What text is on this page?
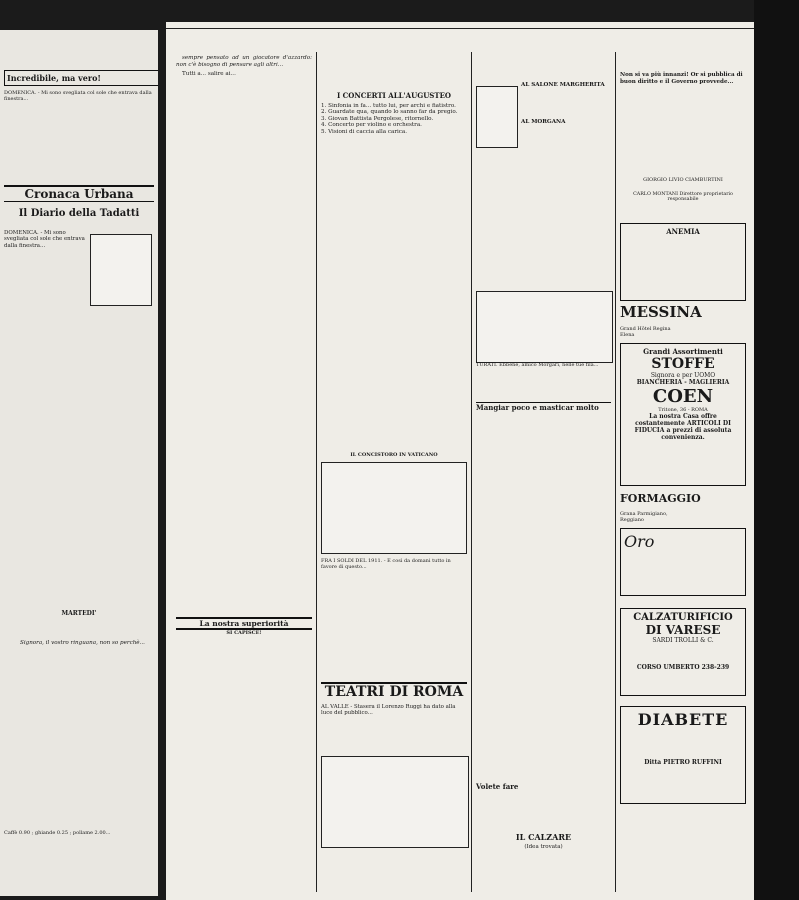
Incredibile, ma vero!
DOMENICA. - Mi sono svegliata col sole che entrava dalla finestra...
Cronaca Urbana
Il Diario della Tadatti
DOMENICA. - Mi sono svegliata col sole che entrava dalla finestra...
MARTEDI'
Signora, il vostro ringuana, non so perchè...
Caffè 0.90 ; ghiande 0.25 ; pollame 2.00...
sempre pensato ad un giocatore d'azzardo: non c'è bisogno di pensare agli altri...
Tutti a... salire ai...
La nostra superiorità
SI CAPISCE!
I CONCERTI ALL'AUGUSTEO
1. Sinfonia in fa... tutto lui, per archi e fiatistro.
2. Guardate qua, quando lo sanno far da pregio.
3. Giovan Battista Pergolese, ritornello.
4. Concerto per violino e orchestra.
5. Visioni di caccia alla carica.
IL CONCISTORO IN VATICANO
FRA I SOLDI DEL 1911. - E così da domani tutto in favore di questo...
TEATRI DI ROMA
AL VALLE - Stasera il Lorenzo Ruggi ha dato alla luce del pubblico...
AL SALONE MARGHERITA
AL MORGANA
TURATI. Ebbene, amico Morgari, nelle tue fila...
Mangiar poco e masticar molto
Volete fare
IL CALZARE
(Idea trovata)
Non si va più innanzi! Or si pubblica di buon diritto e il Governo provvede...
GIORGIO LIVIO CIAMBURTINI
CARLO MONTANI Direttore proprietario responsabile
ANEMIA
MESSINA Grand Hôtel Regina Elena
Grandi Assortimenti
STOFFE
Signora e per UOMO
BIANCHERIA - MAGLIERIA
COEN
Tritone, 36 - ROMA
La nostra Casa offre costantemente ARTICOLI DI FIDUCIA a prezzi di assoluta convenienza.
FORMAGGIO Grana Parmigiano, Reggiano
Oro
CALZATURIFICIO
DI VARESE
SARDI TROLLI & C.
CORSO UMBERTO 238-239
DIABETE
Ditta PIETRO RUFFINI
